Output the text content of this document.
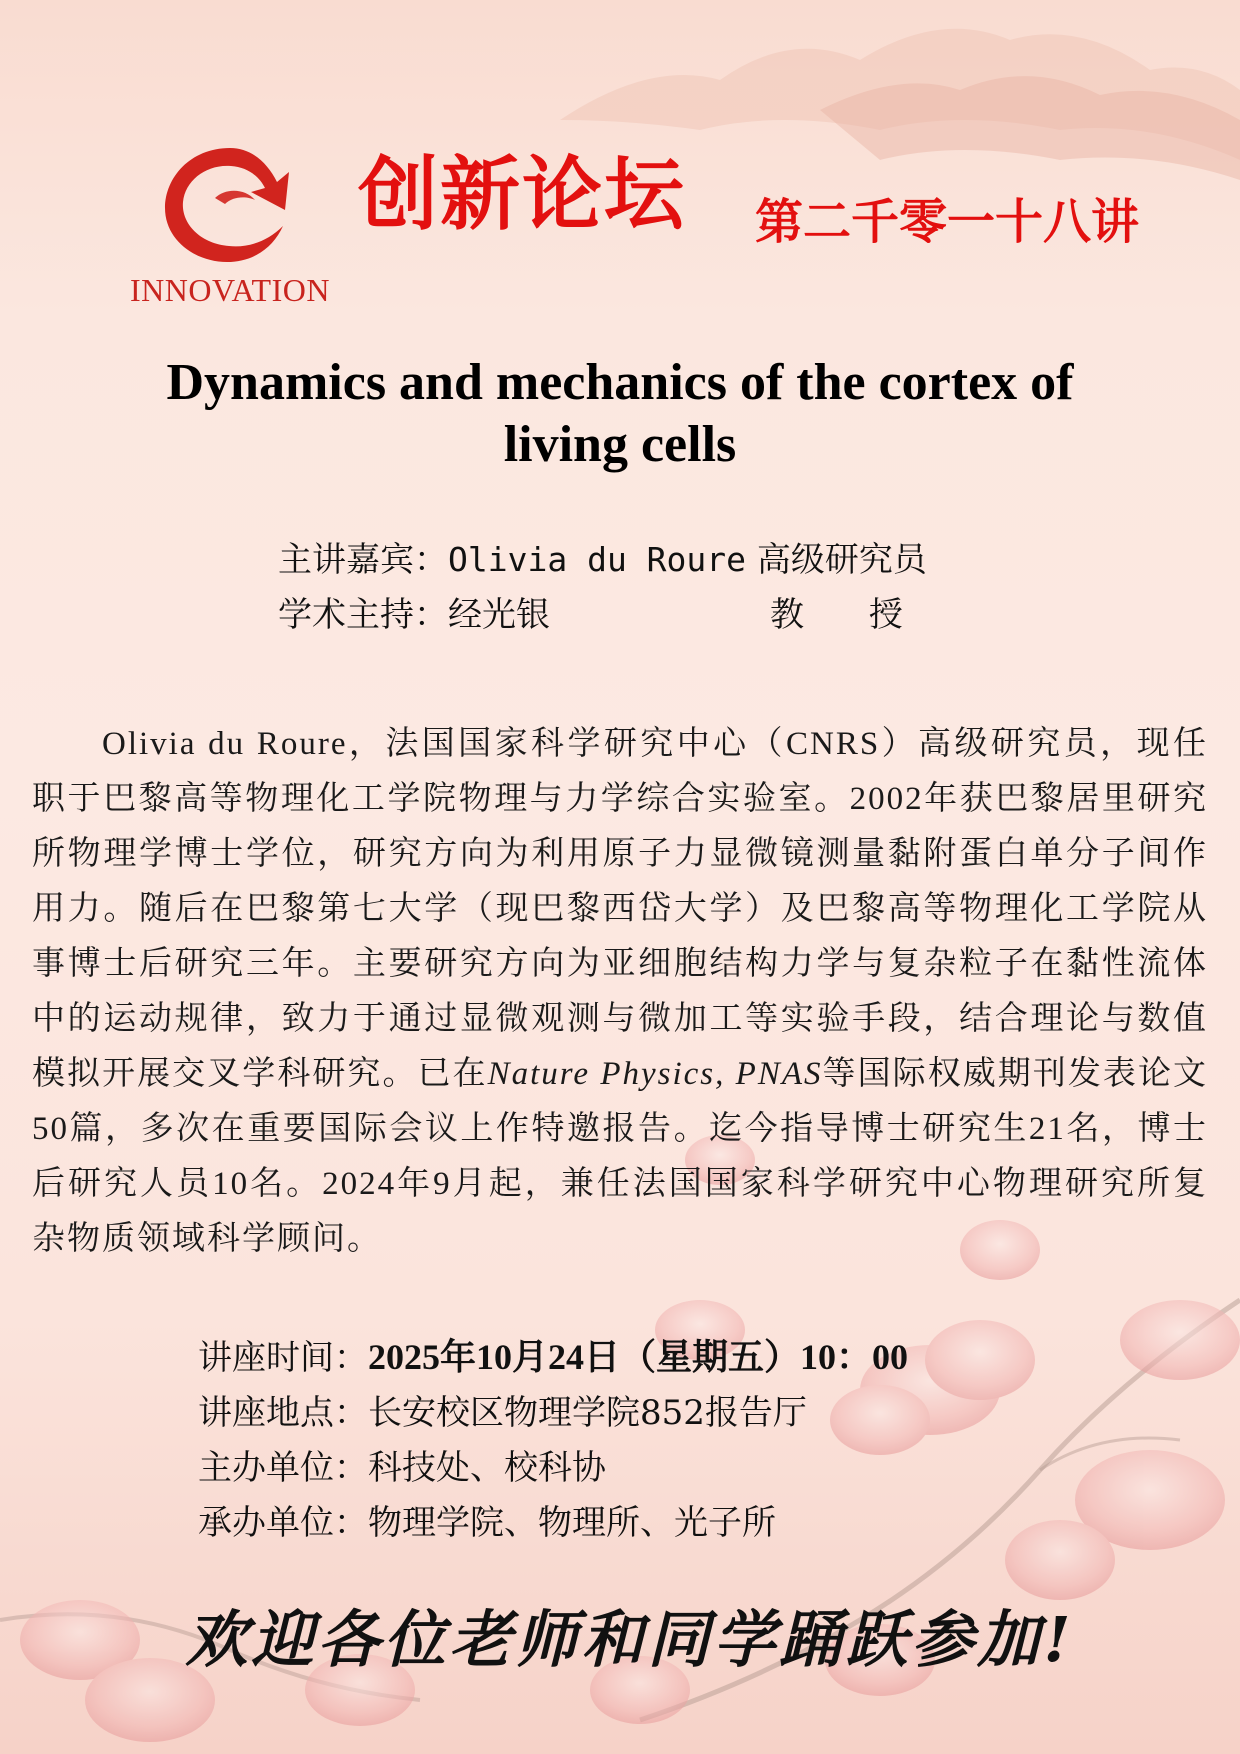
INNOVATION
创新论坛 第二千零一十八讲
Dynamics and mechanics of the cortex of
living cells
主讲嘉宾：Olivia du Roure 高级研究员
学术主持：经光银	教      授
Olivia du Roure，法国国家科学研究中心（CNRS）高级研究员，现任职于巴黎高等物理化工学院物理与力学综合实验室。2002年获巴黎居里研究所物理学博士学位，研究方向为利用原子力显微镜测量黏附蛋白单分子间作用力。随后在巴黎第七大学（现巴黎西岱大学）及巴黎高等物理化工学院从事博士后研究三年。主要研究方向为亚细胞结构力学与复杂粒子在黏性流体中的运动规律，致力于通过显微观测与微加工等实验手段，结合理论与数值模拟开展交叉学科研究。已在Nature Physics, PNAS等国际权威期刊发表论文50篇，多次在重要国际会议上作特邀报告。迄今指导博士研究生21名，博士后研究人员10名。2024年9月起，兼任法国国家科学研究中心物理研究所复杂物质领域科学顾问。
讲座时间：2025年10月24日（星期五）10：00
讲座地点：长安校区物理学院852报告厅
主办单位：科技处、校科协
承办单位：物理学院、物理所、光子所
欢迎各位老师和同学踊跃参加!
